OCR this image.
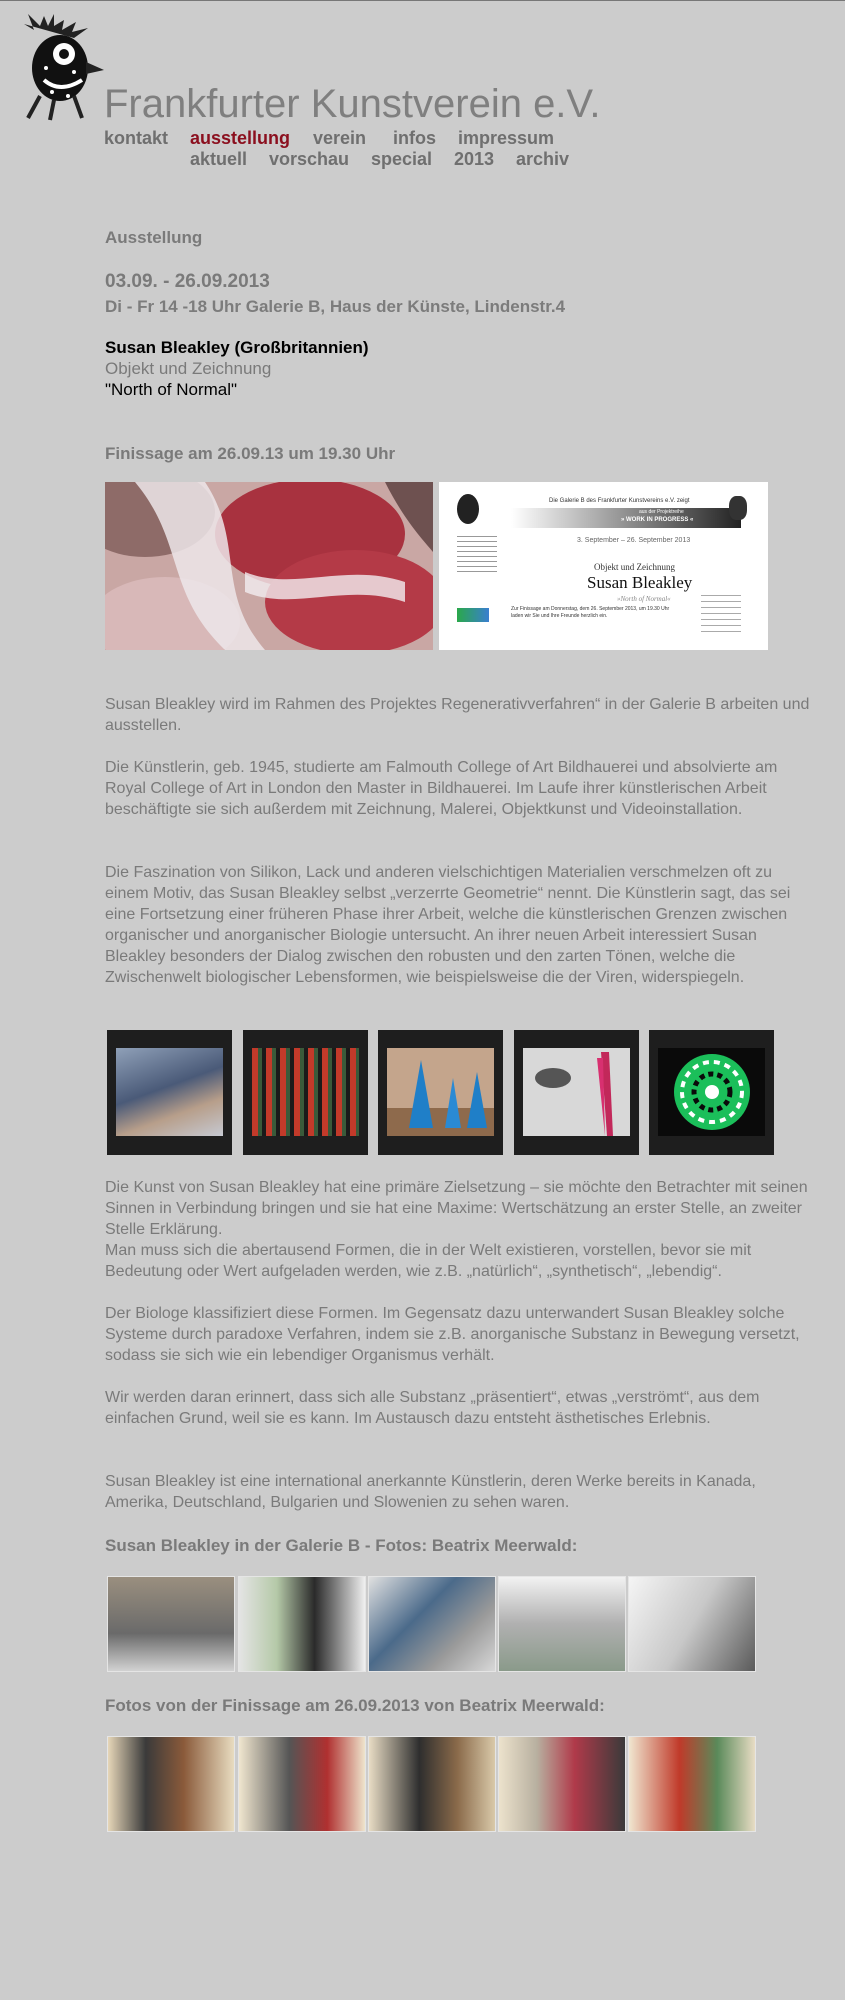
Frankfurter Kunstverein e.V.
kontakt ausstellung verein infos impressum
aktuell vorschau special 2013 archiv
Ausstellung
03.09. - 26.09.2013
Di - Fr 14 -18 Uhr Galerie B, Haus der Künste, Lindenstr.4
Susan Bleakley (Großbritannien)
Objekt und Zeichnung
"North of Normal"
Finissage am 26.09.13 um 19.30 Uhr
Die Galerie B des Frankfurter Kunstvereins e.V. zeigt
aus der Projektreihe
» WORK IN PROGRESS «
3. September – 26. September 2013
Objekt und Zeichnung
Susan Bleakley
»North of Normal«
Zur Finissage am Donnerstag, dem 26. September 2013, um 19.30 Uhr laden wir Sie und Ihre Freunde herzlich ein.
Susan Bleakley wird im Rahmen des Projektes Regenerativverfahren“ in der Galerie B arbeiten und ausstellen.
Die Künstlerin, geb. 1945, studierte am Falmouth College of Art Bildhauerei und absolvierte am Royal College of Art in London den Master in Bildhauerei. Im Laufe ihrer künstlerischen Arbeit beschäftigte sie sich außerdem mit Zeichnung, Malerei, Objektkunst und Videoinstallation.
Die Faszination von Silikon, Lack und anderen vielschichtigen Materialien verschmelzen oft zu einem Motiv, das Susan Bleakley selbst „verzerrte Geometrie“ nennt. Die Künstlerin sagt, das sei eine Fortsetzung einer früheren Phase ihrer Arbeit, welche die künstlerischen Grenzen zwischen organischer und anorganischer Biologie untersucht. An ihrer neuen Arbeit interessiert Susan Bleakley besonders der Dialog zwischen den robusten und den zarten Tönen, welche die Zwischenwelt biologischer Lebensformen, wie beispielsweise die der Viren, widerspiegeln.
Die Kunst von Susan Bleakley hat eine primäre Zielsetzung – sie möchte den Betrachter mit seinen Sinnen in Verbindung bringen und sie hat eine Maxime: Wertschätzung an erster Stelle, an zweiter Stelle Erklärung.
Man muss sich die abertausend Formen, die in der Welt existieren, vorstellen, bevor sie mit Bedeutung oder Wert aufgeladen werden, wie z.B. „natürlich“, „synthetisch“, „lebendig“.
Der Biologe klassifiziert diese Formen. Im Gegensatz dazu unterwandert Susan Bleakley solche Systeme durch paradoxe Verfahren, indem sie z.B. anorganische Substanz in Bewegung versetzt, sodass sie sich wie ein lebendiger Organismus verhält.
Wir werden daran erinnert, dass sich alle Substanz „präsentiert“, etwas „verströmt“, aus dem einfachen Grund, weil sie es kann. Im Austausch dazu entsteht ästhetisches Erlebnis.
Susan Bleakley ist eine international anerkannte Künstlerin, deren Werke bereits in Kanada, Amerika, Deutschland, Bulgarien und Slowenien zu sehen waren.
Susan Bleakley in der Galerie B - Fotos: Beatrix Meerwald:
Fotos von der Finissage am 26.09.2013 von Beatrix Meerwald:
